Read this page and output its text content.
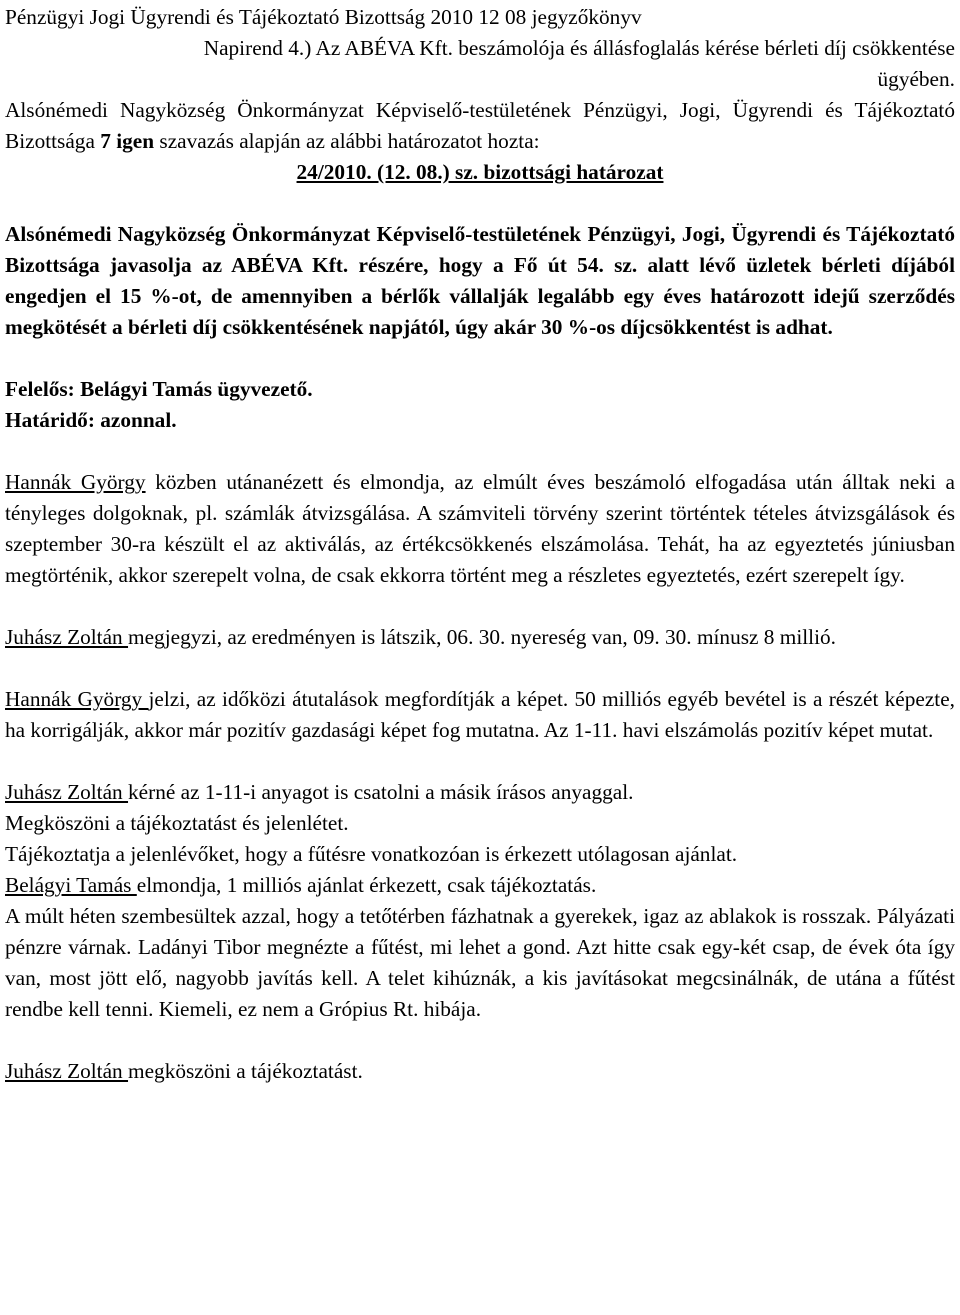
Pénzügyi Jogi Ügyrendi és Tájékoztató Bizottság 2010 12 08 jegyzőkönyv

Napirend 4.) Az ABÉVA Kft. beszámolója és állásfoglalás kérése bérleti díj csökkentése

ügyében.

Alsónémedi Nagyközség Önkormányzat Képviselő-testületének Pénzügyi, Jogi, Ügyrendi és Tájékoztató Bizottsága 7 igen szavazás alapján az alábbi határozatot hozta:

24/2010. (12. 08.) sz. bizottsági határozat

Alsónémedi Nagyközség Önkormányzat Képviselő-testületének Pénzügyi, Jogi, Ügyrendi és Tájékoztató Bizottsága javasolja az ABÉVA Kft. részére, hogy a Fő út 54. sz. alatt lévő üzletek bérleti díjából engedjen el 15 %-ot, de amennyiben a bérlők vállalják legalább egy éves határozott idejű szerződés megkötését a bérleti díj csökkentésének napjától, úgy akár 30 %-os díjcsökkentést is adhat.

Felelős: Belágyi Tamás ügyvezető.

Határidő: azonnal.

Hannák György közben utánanézett és elmondja, az elmúlt éves beszámoló elfogadása után álltak neki a tényleges dolgoknak, pl. számlák átvizsgálása. A számviteli törvény szerint történtek tételes átvizsgálások és szeptember 30-ra készült el az aktiválás, az értékcsökkenés elszámolása. Tehát, ha az egyeztetés júniusban megtörténik, akkor szerepelt volna, de csak ekkorra történt meg a részletes egyeztetés, ezért szerepelt így.

Juhász Zoltán megjegyzi, az eredményen is látszik, 06. 30. nyereség van, 09. 30. mínusz 8 millió.

Hannák György jelzi, az időközi átutalások megfordítják a képet. 50 milliós egyéb bevétel is a részét képezte, ha korrigálják, akkor már pozitív gazdasági képet fog mutatna. Az 1-11. havi elszámolás pozitív képet mutat.

Juhász Zoltán kérné az 1-11-i anyagot is csatolni a másik írásos anyaggal.

Megköszöni a tájékoztatást és jelenlétet.

Tájékoztatja a jelenlévőket, hogy a fűtésre vonatkozóan is érkezett utólagosan ajánlat.

Belágyi Tamás elmondja, 1 milliós ajánlat érkezett, csak tájékoztatás.

A múlt héten szembesültek azzal, hogy a tetőtérben fázhatnak a gyerekek, igaz az ablakok is rosszak. Pályázati pénzre várnak. Ladányi Tibor megnézte a fűtést, mi lehet a gond. Azt hitte csak egy-két csap, de évek óta így van, most jött elő, nagyobb javítás kell. A telet kihúznák, a kis javításokat megcsinálnák, de utána a fűtést rendbe kell tenni. Kiemeli, ez nem a Grópius Rt. hibája.

Juhász Zoltán megköszöni a tájékoztatást.
